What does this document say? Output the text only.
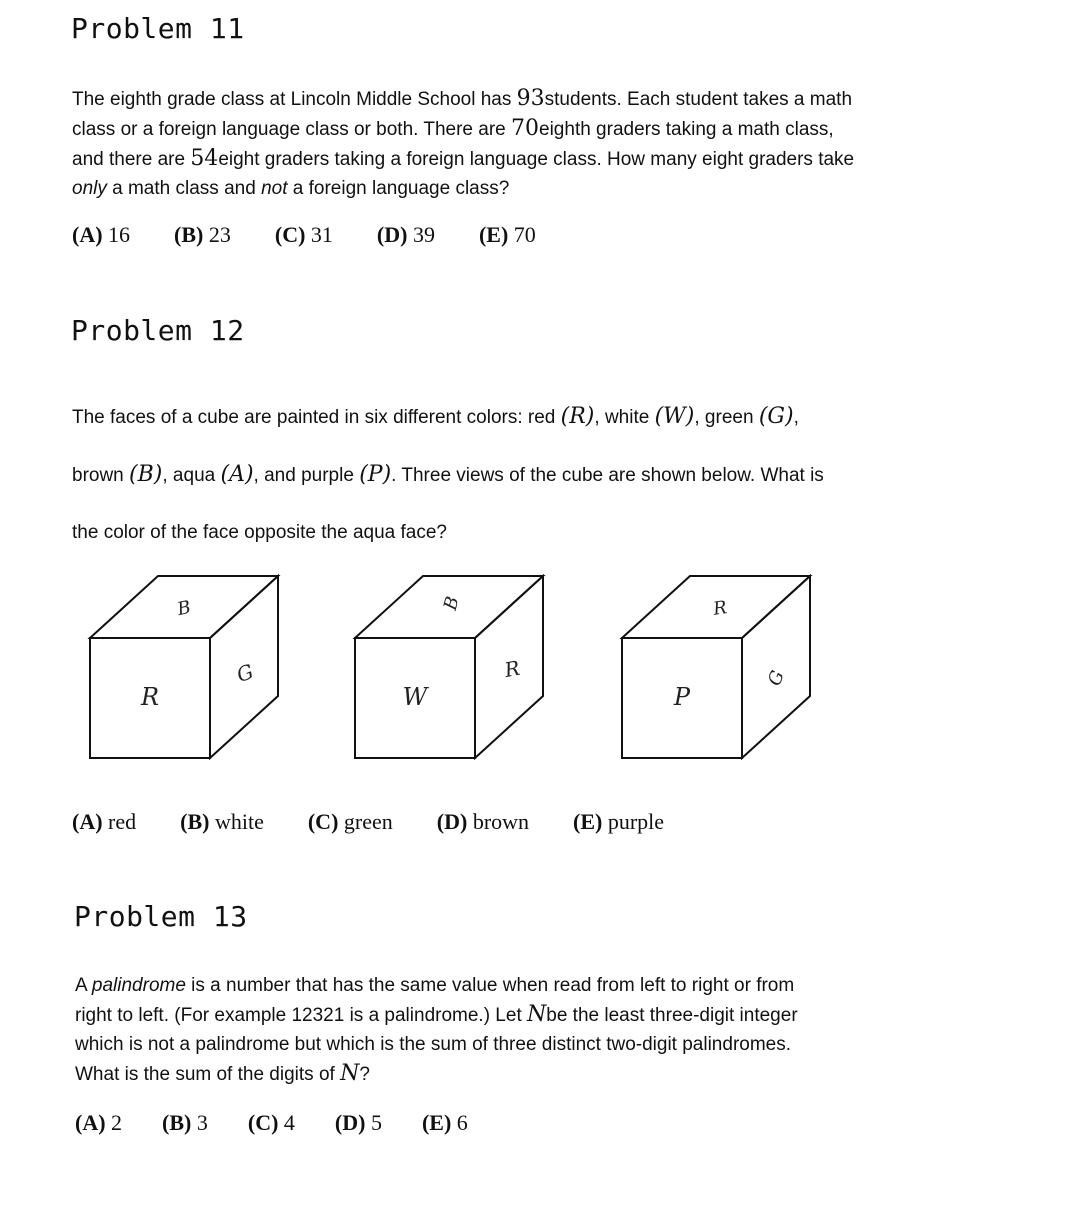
Problem 11

The eighth grade class at Lincoln Middle School has 93students. Each student takes a math class or a foreign language class or both. There are 70eighth graders taking a math class, and there are 54eight graders taking a foreign language class. How many eight graders take only a math class and not a foreign language class?

(A) 16 (B) 23 (C) 31 (D) 39 (E) 70
Problem 12

The faces of a cube are painted in six different colors: red (R), white (W), green (G), brown (B), aqua (A), and purple (P). Three views of the cube are shown below. What is the color of the face opposite the aqua face?

R
B
G
W
B
R
P
R
G
(A) red (B) white (C) green (D) brown (E) purple
Problem 13

A palindrome is a number that has the same value when read from left to right or from right to left. (For example 12321 is a palindrome.) Let Nbe the least three-digit integer which is not a palindrome but which is the sum of three distinct two-digit palindromes. What is the sum of the digits of N?

(A) 2 (B) 3 (C) 4 (D) 5 (E) 6
